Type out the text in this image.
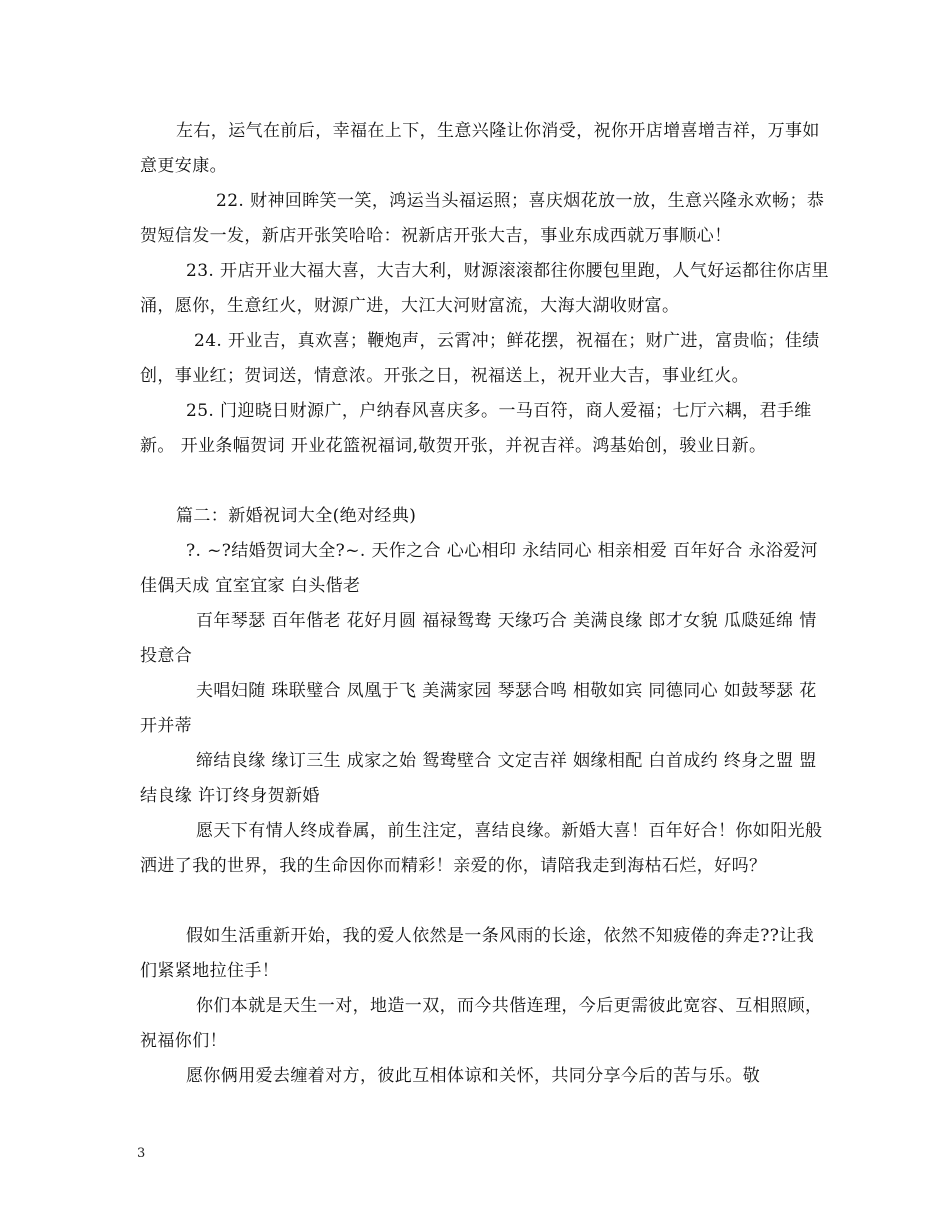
左右，运气在前后，幸福在上下，生意兴隆让你消受，祝你开店增喜增吉祥，万事如意更安康。

22. 财神回眸笑一笑，鸿运当头福运照；喜庆烟花放一放，生意兴隆永欢畅；恭贺短信发一发，新店开张笑哈哈：祝新店开张大吉，事业东成西就万事顺心！

23. 开店开业大福大喜，大吉大利，财源滚滚都往你腰包里跑，人气好运都往你店里涌，愿你，生意红火，财源广进，大江大河财富流，大海大湖收财富。

24. 开业吉，真欢喜；鞭炮声，云霄冲；鲜花摆，祝福在；财广进，富贵临；佳绩创，事业红；贺词送，情意浓。开张之日，祝福送上，祝开业大吉，事业红火。

25. 门迎晓日财源广，户纳春风喜庆多。一马百符，商人爱福；七厅六耦，君手维新。 开业条幅贺词 开业花篮祝福词,敬贺开张，并祝吉祥。鸿基始创，骏业日新。

篇二：新婚祝词大全(绝对经典)

?. ~?结婚贺词大全?~. 天作之合 心心相印 永结同心 相亲相爱 百年好合 永浴爱河 佳偶天成 宜室宜家 白头偕老

百年琴瑟 百年偕老 花好月圆 福禄鸳鸯 天缘巧合 美满良缘 郎才女貌 瓜瓞延绵 情投意合

夫唱妇随 珠联璧合 凤凰于飞 美满家园 琴瑟合鸣 相敬如宾 同德同心 如鼓琴瑟 花开并蒂

缔结良缘 缘订三生 成家之始 鸳鸯壁合 文定吉祥 姻缘相配 白首成约 终身之盟 盟结良缘 许订终身贺新婚

愿天下有情人终成眷属，前生注定，喜结良缘。新婚大喜！百年好合！你如阳光般洒进了我的世界，我的生命因你而精彩！亲爱的你，请陪我走到海枯石烂，好吗？

假如生活重新开始，我的爱人依然是一条风雨的长途，依然不知疲倦的奔走??让我们紧紧地拉住手！

你们本就是天生一对，地造一双，而今共偕连理，今后更需彼此宽容、互相照顾，祝福你们！

愿你俩用爱去缠着对方，彼此互相体谅和关怀，共同分享今后的苦与乐。敬

3
